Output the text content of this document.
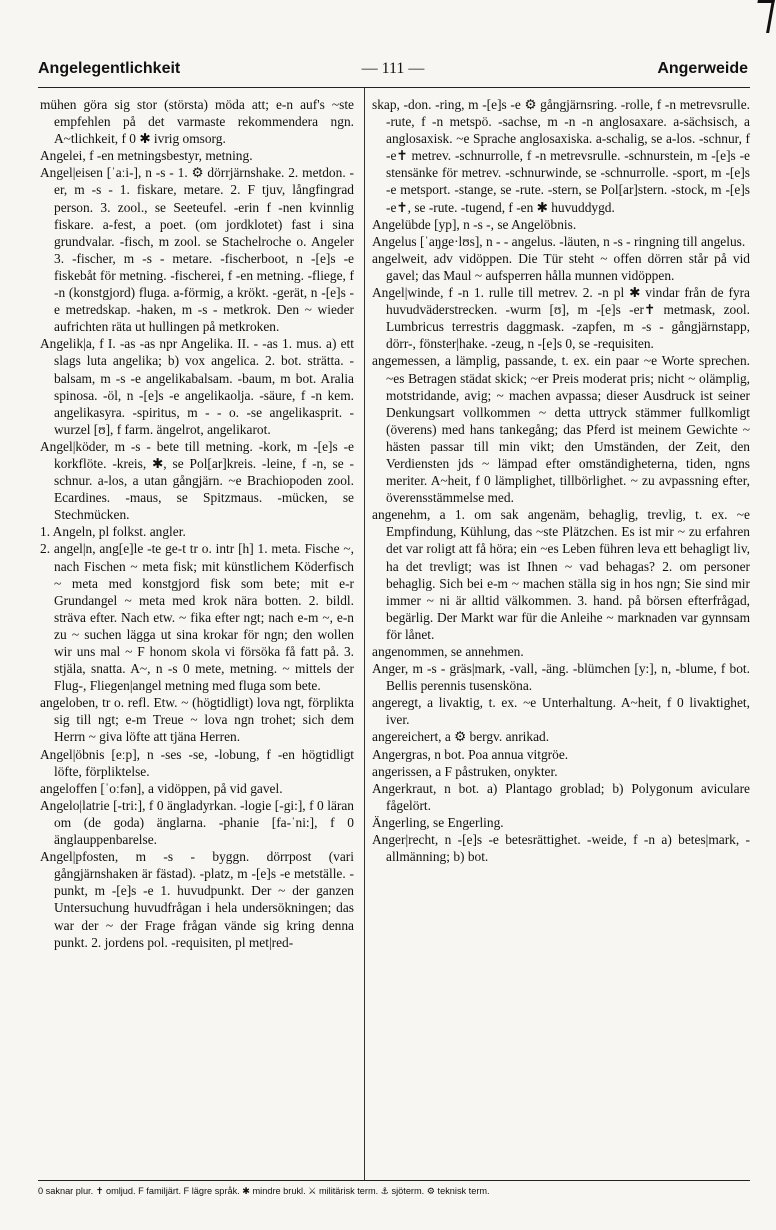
Angelegentlichkeit	— 111 —	Angerweide

mühen göra sig stor (största) möda att; e-n auf's ~ste empfehlen på det varmaste rekommendera ngn. A~tlichkeit, f 0 ✱ ivrig omsorg.

Angelei, f -en metningsbestyr, metning.

Angel|eisen [ˈaːi-], n -s - 1. ⚙ dörrjärnshake. 2. metdon. -er, m -s - 1. fiskare, metare. 2. F tjuv, långfingrad person. 3. zool., se Seeteufel. -erin f -nen kvinnlig fiskare. a-fest, a poet. (om jordklotet) fast i sina grundvalar. -fisch, m zool. se Stachelroche o. Angeler 3. -fischer, m -s - metare. -fischerboot, n -[e]s -e fiskebåt för metning. -fischerei, f -en metning. -fliege, f -n (konstgjord) fluga. a-förmig, a krökt. -gerät, n -[e]s -e metredskap. -haken, m -s - metkrok. Den ~ wieder aufrichten räta ut hullingen på metkroken.

Angelik|a, f I. -as -as npr Angelika. II. - -as 1. mus. a) ett slags luta angelika; b) vox angelica. 2. bot. strätta. -balsam, m -s -e angelikabalsam. -baum, m bot. Aralia spinosa. -öl, n -[e]s -e angelikaolja. -säure, f -n kem. angelikasyra. -spiritus, m - - o. -se angelikasprit. -wurzel [ʊ], f farm. ängelrot, angelikarot.

Angel|köder, m -s - bete till metning. -kork, m -[e]s -e korkflöte. -kreis, ✱, se Pol[ar]kreis. -leine, f -n, se -schnur. a-los, a utan gångjärn. ~e Brachiopoden zool. Ecardines. -maus, se Spitzmaus. -mücken, se Stechmücken.

1. Angeln, pl folkst. angler.

2. angel|n, ang[e]le -te ge-t tr o. intr [h] 1. meta. Fische ~, nach Fischen ~ meta fisk; mit künstlichem Köderfisch ~ meta med konstgjord fisk som bete; mit e-r Grundangel ~ meta med krok nära botten. 2. bildl. sträva efter. Nach etw. ~ fika efter ngt; nach e-m ~, e-n zu ~ suchen lägga ut sina krokar för ngn; den wollen wir uns mal ~ F honom skola vi försöka få fatt på. 3. stjäla, snatta. A~, n -s 0 mete, metning. ~ mittels der Flug-, Fliegen|angel metning med fluga som bete.

angeloben, tr o. refl. Etw. ~ (högtidligt) lova ngt, förplikta sig till ngt; e-m Treue ~ lova ngn trohet; sich dem Herrn ~ giva löfte att tjäna Herren.

Angel|öbnis [eːp], n -ses -se, -lobung, f -en högtidligt löfte, förpliktelse.

angeloffen [ˈoːfən], a vidöppen, på vid gavel.

Angelo|latrie [-tri:], f 0 ängladyrkan. -logie [-gi:], f 0 läran om (de goda) änglarna. -phanie [fa-ˈni:], f 0 änglauppenbarelse.

Angel|pfosten, m -s - byggn. dörrpost (vari gångjärnshaken är fästad). -platz, m -[e]s -e metställe. -punkt, m -[e]s -e 1. huvudpunkt. Der ~ der ganzen Untersuchung huvudfrågan i hela undersökningen; das war der ~ der Frage frågan vände sig kring denna punkt. 2. jordens pol. -requisiten, pl met|red-

skap, -don. -ring, m -[e]s -e ⚙ gångjärnsring. -rolle, f -n metrevsrulle. -rute, f -n metspö. -sachse, m -n -n anglosaxare. a-sächsisch, a anglosaxisk. ~e Sprache anglosaxiska. a-schalig, se a-los. -schnur, f -e✝ metrev. -schnurrolle, f -n metrevsrulle. -schnurstein, m -[e]s -e stensänke för metrev. -schnurwinde, se -schnurrolle. -sport, m -[e]s -e metsport. -stange, se -rute. -stern, se Pol[ar]stern. -stock, m -[e]s -e✝, se -rute. -tugend, f -en ✱ huvuddygd.

Angelübde [yp], n -s -, se Angelöbnis.

Angelus [ˈaŋge·lʊs], n - - angelus. -läuten, n -s - ringning till angelus.

angelweit, adv vidöppen. Die Tür steht ~ offen dörren står på vid gavel; das Maul ~ aufsperren hålla munnen vidöppen.

Angel|winde, f -n 1. rulle till metrev. 2. -n pl ✱ vindar från de fyra huvudväderstrecken. -wurm [ʊ], m -[e]s -er✝ metmask, zool. Lumbricus terrestris daggmask. -zapfen, m -s - gångjärnstapp, dörr-, fönster|hake. -zeug, n -[e]s 0, se -requisiten.

angemessen, a lämplig, passande, t. ex. ein paar ~e Worte sprechen. ~es Betragen städat skick; ~er Preis moderat pris; nicht ~ olämplig, motstridande, avig; ~ machen avpassa; dieser Ausdruck ist seiner Denkungsart vollkommen ~ detta uttryck stämmer fullkomligt (överens) med hans tankegång; das Pferd ist meinem Gewichte ~ hästen passar till min vikt; den Umständen, der Zeit, den Verdiensten jds ~ lämpad efter omständigheterna, tiden, ngns meriter. A~heit, f 0 lämplighet, tillbörlighet. ~ zu avpassning efter, överensstämmelse med.

angenehm, a 1. om sak angenäm, behaglig, trevlig, t. ex. ~e Empfindung, Kühlung, das ~ste Plätzchen. Es ist mir ~ zu erfahren det var roligt att få höra; ein ~es Leben führen leva ett behagligt liv, ha det trevligt; was ist Ihnen ~ vad behagas? 2. om personer behaglig. Sich bei e-m ~ machen ställa sig in hos ngn; Sie sind mir immer ~ ni är alltid välkommen. 3. hand. på börsen efterfrågad, begärlig. Der Markt war für die Anleihe ~ marknaden var gynnsam för lånet.

angenommen, se annehmen.

Anger, m -s - gräs|mark, -vall, -äng. -blümchen [y:], n, -blume, f bot. Bellis perennis tusensköna.

angeregt, a livaktig, t. ex. ~e Unterhaltung. A~heit, f 0 livaktighet, iver.

angereichert, a ⚙ bergv. anrikad.

Angergras, n bot. Poa annua vitgröe.

angerissen, a F påstruken, onykter.

Angerkraut, n bot. a) Plantago groblad; b) Polygonum aviculare fågelört.

Ängerling, se Engerling.

Anger|recht, n -[e]s -e betesrättighet. -weide, f -n a) betes|mark, -allmänning; b) bot.

0 saknar plur. ✝ omljud. F familjärt. F lägre språk. ✱ mindre brukl. ⚔ militärisk term. ⚓ sjöterm. ⚙ teknisk term.
